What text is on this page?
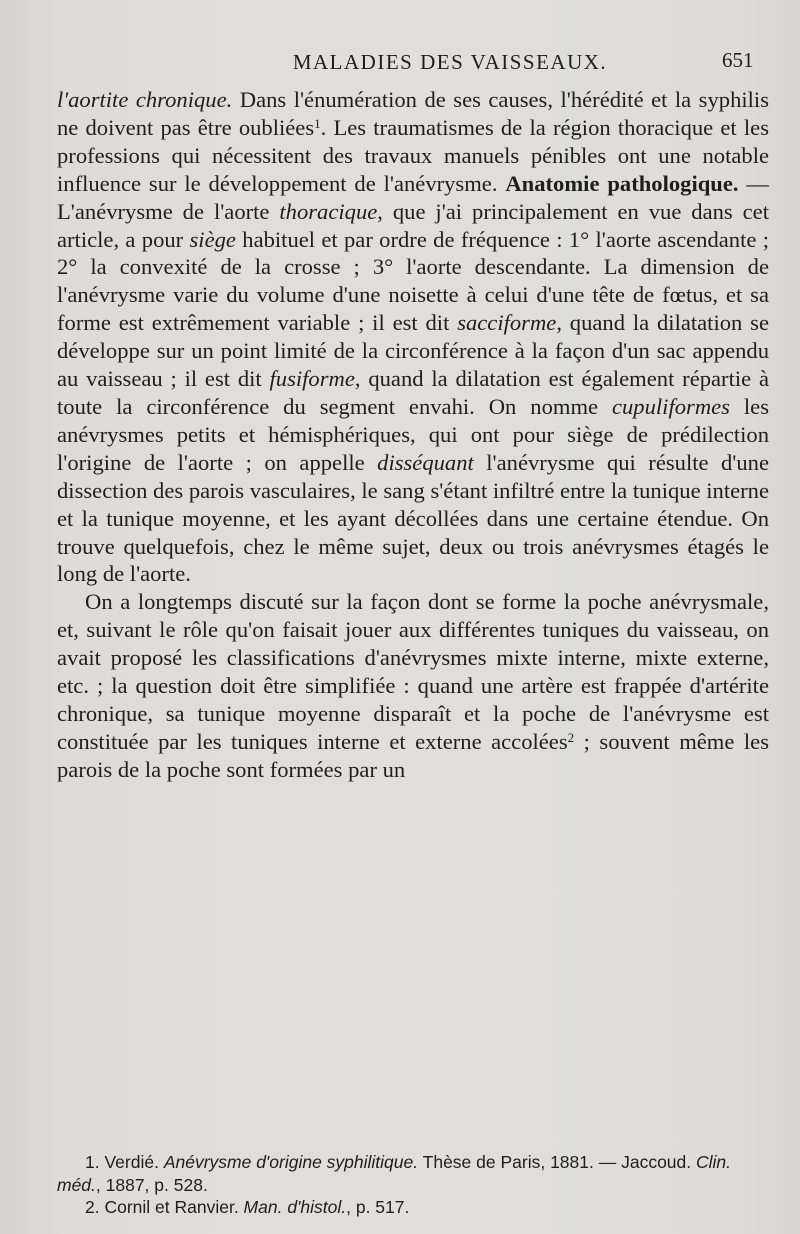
MALADIES DES VAISSEAUX.	651

l'aortite chronique. Dans l'énumération de ses causes, l'hérédité et la syphilis ne doivent pas être oubliées$^1$. Les traumatismes de la région thoracique et les professions qui nécessitent des travaux manuels pénibles ont une notable influence sur le développement de l'anévrysme. Anatomie pathologique. — L'anévrysme de l'aorte thoracique, que j'ai principalement en vue dans cet article, a pour siège habituel et par ordre de fréquence : 1° l'aorte ascendante ; 2° la convexité de la crosse ; 3° l'aorte descendante. La dimension de l'anévrysme varie du volume d'une noisette à celui d'une tête de fœtus, et sa forme est extrêmement variable ; il est dit sacciforme, quand la dilatation se développe sur un point limité de la circonférence à la façon d'un sac appendu au vaisseau ; il est dit fusiforme, quand la dilatation est également répartie à toute la circonférence du segment envahi. On nomme cupuliformes les anévrysmes petits et hémisphériques, qui ont pour siège de prédilection l'origine de l'aorte ; on appelle disséquant l'anévrysme qui résulte d'une dissection des parois vasculaires, le sang s'étant infiltré entre la tunique interne et la tunique moyenne, et les ayant décollées dans une certaine étendue. On trouve quelquefois, chez le même sujet, deux ou trois anévrysmes étagés le long de l'aorte.

On a longtemps discuté sur la façon dont se forme la poche anévrysmale, et, suivant le rôle qu'on faisait jouer aux différentes tuniques du vaisseau, on avait proposé les classifications d'anévrysmes mixte interne, mixte externe, etc. ; la question doit être simplifiée : quand une artère est frappée d'artérite chronique, sa tunique moyenne disparaît et la poche de l'anévrysme est constituée par les tuniques interne et externe accolées$^2$ ; souvent même les parois de la poche sont formées par un

1. Verdié. Anévrysme d'origine syphilitique. Thèse de Paris, 1881. — Jaccoud. Clin. méd., 1887, p. 528.

2. Cornil et Ranvier. Man. d'histol., p. 517.
